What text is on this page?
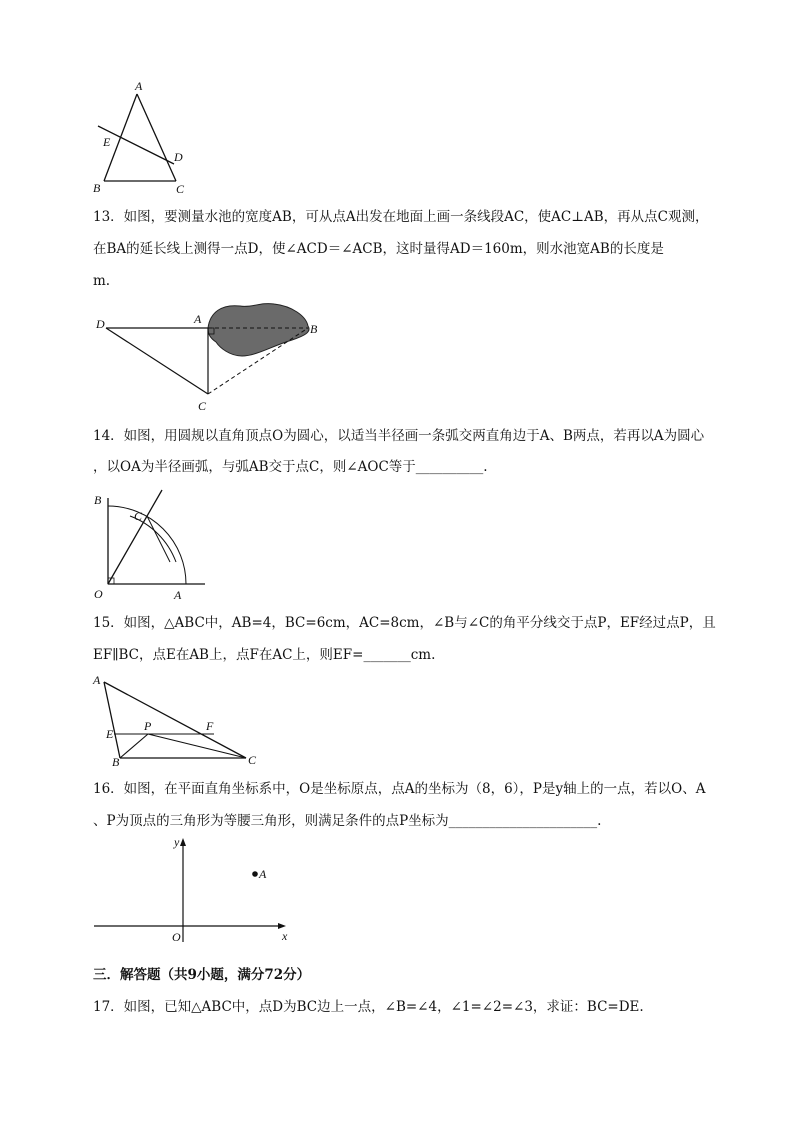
A
E
D
B	C
13．如图，要测量水池的宽度AB，可从点A出发在地面上画一条线段AC，使AC⊥AB，再从点C观测，
在BA的延长线上测得一点D，使∠ACD＝∠ACB，这时量得AD＝160m，则水池宽AB的长度是
m.
D	A
B
C
14．如图，用圆规以直角顶点O为圆心，以适当半径画一条弧交两直角边于A、B两点，若再以A为圆心
，以OA为半径画弧，与弧AB交于点C，则∠AOC等于__________.
B
C
O	A
15．如图，△ABC中，AB=4，BC=6cm，AC=8cm，∠B与∠C的角平分线交于点P，EF经过点P，且
EF∥BC，点E在AB上，点F在AC上，则EF=_______cm.
A
P	F
E
B	C
16．如图，在平面直角坐标系中，O是坐标原点，点A的坐标为（8，6），P是y轴上的一点，若以O、A
、P为顶点的三角形为等腰三角形，则满足条件的点P坐标为______________________.
y
x
O
A
三．解答题（共9小题，满分72分）
17．如图，已知△ABC中，点D为BC边上一点，∠B=∠4，∠1=∠2=∠3，求证：BC=DE.
